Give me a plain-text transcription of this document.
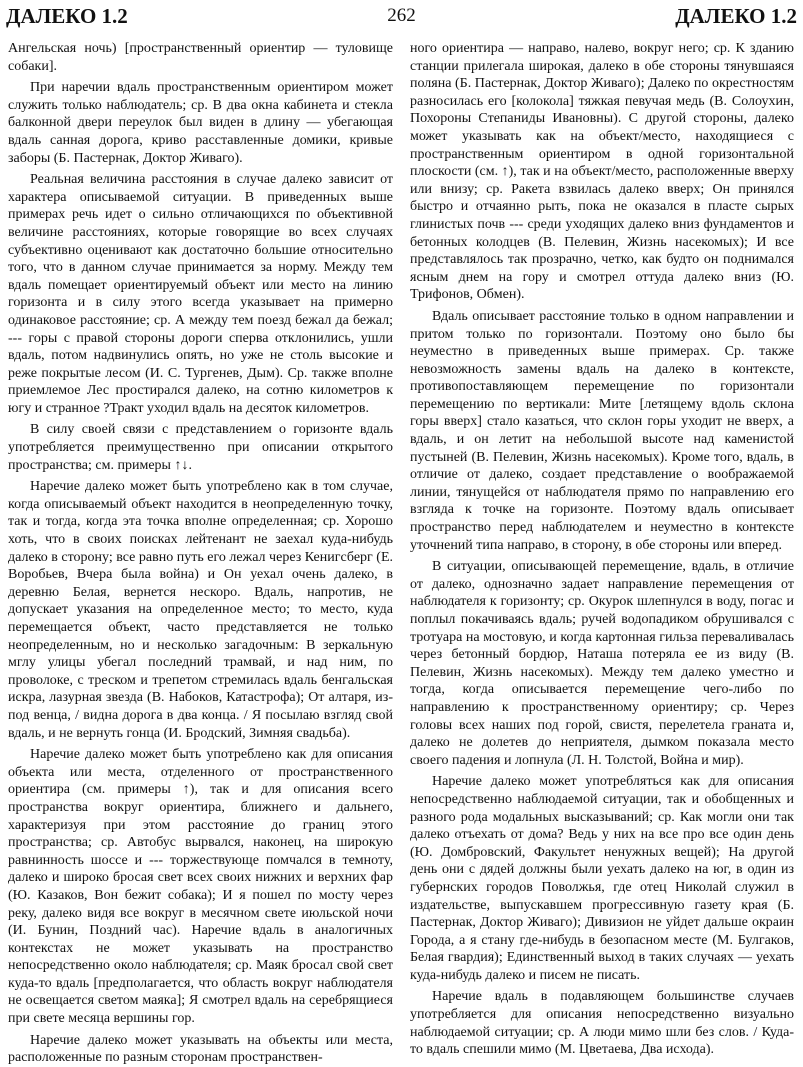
262
ДАЛЕКО 1.2	ДАЛЕКО 1.2

Ангельская ночь) [пространственный ориентир — туловище собаки].

При наречии вдаль пространственным ориентиром может служить только наблюдатель; ср. В два окна кабинета и стекла балконной двери переулок был виден в длину — убегающая вдаль санная дорога, криво расставленные домики, кривые заборы (Б. Пастернак, Доктор Живаго).

Реальная величина расстояния в случае далеко зависит от характера описываемой ситуации. В приведенных выше примерах речь идет о сильно отличающихся по объективной величине расстояниях, которые говорящие во всех случаях субъективно оценивают как достаточно большие относительно того, что в данном случае принимается за норму. Между тем вдаль помещает ориентируемый объект или место на линию горизонта и в силу этого всегда указывает на примерно одинаковое расстояние; ср. А между тем поезд бежал да бежал; --- горы с правой стороны дороги сперва отклонились, ушли вдаль, потом надвинулись опять, но уже не столь высокие и реже покрытые лесом (И. С. Тургенев, Дым). Ср. также вполне приемлемое Лес простирался далеко, на сотню километров к югу и странное ?Тракт уходил вдаль на десяток километров.

В силу своей связи с представлением о горизонте вдаль употребляется преимущественно при описании открытого пространства; см. примеры ↑↓.

Наречие далеко может быть употреблено как в том случае, когда описываемый объект находится в неопределенную точку, так и тогда, когда эта точка вполне определенная; ср. Хорошо хоть, что в своих поисках лейтенант не заехал куда-нибудь далеко в сторону; все равно путь его лежал через Кенигсберг (Е. Воробьев, Вчера была война) и Он уехал очень далеко, в деревню Белая, вернется нескоро. Вдаль, напротив, не допускает указания на определенное место; то место, куда перемещается объект, часто представляется не только неопределенным, но и несколько загадочным: В зеркальную мглу улицы убегал последний трамвай, и над ним, по проволоке, с треском и трепетом стремилась вдаль бенгальская искра, лазурная звезда (В. Набоков, Катастрофа); От алтаря, из-под венца, / видна дорога в два конца. / Я посылаю взгляд свой вдаль, и не вернуть гонца (И. Бродский, Зимняя свадьба).

Наречие далеко может быть употреблено как для описания объекта или места, отделенного от пространственного ориентира (см. примеры ↑), так и для описания всего пространства вокруг ориентира, ближнего и дальнего, характеризуя при этом расстояние до границ этого пространства; ср. Автобус вырвался, наконец, на широкую равнинность шоссе и --- торжествующе помчался в темноту, далеко и широко бросая свет всех своих нижних и верхних фар (Ю. Казаков, Вон бежит собака); И я пошел по мосту через реку, далеко видя все вокруг в месячном свете июльской ночи (И. Бунин, Поздний час). Наречие вдаль в аналогичных контекстах не может указывать на пространство непосредственно около наблюдателя; ср. Маяк бросал свой свет куда-то вдаль [предполагается, что область вокруг наблюдателя не освещается светом маяка]; Я смотрел вдаль на серебрящиеся при свете месяца вершины гор.

Наречие далеко может указывать на объекты или места, расположенные по разным сторонам пространствен-

ного ориентира — направо, налево, вокруг него; ср. К зданию станции прилегала широкая, далеко в обе стороны тянувшаяся поляна (Б. Пастернак, Доктор Живаго); Далеко по окрестностям разносилась его [колокола] тяжкая певучая медь (В. Солоухин, Похороны Степаниды Ивановны). С другой стороны, далеко может указывать как на объект/место, находящиеся с пространственным ориентиром в одной горизонтальной плоскости (см. ↑), так и на объект/место, расположенные вверху или внизу; ср. Ракета взвилась далеко вверх; Он принялся быстро и отчаянно рыть, пока не оказался в пласте сырых глинистых почв --- среди уходящих далеко вниз фундаментов и бетонных колодцев (В. Пелевин, Жизнь насекомых); И все представлялось так прозрачно, четко, как будто он поднимался ясным днем на гору и смотрел оттуда далеко вниз (Ю. Трифонов, Обмен).

Вдаль описывает расстояние только в одном направлении и притом только по горизонтали. Поэтому оно было бы неуместно в приведенных выше примерах. Ср. также невозможность замены вдаль на далеко в контексте, противопоставляющем перемещение по горизонтали перемещению по вертикали: Мите [летящему вдоль склона горы вверх] стало казаться, что склон горы уходит не вверх, а вдаль, и он летит на небольшой высоте над каменистой пустыней (В. Пелевин, Жизнь насекомых). Кроме того, вдаль, в отличие от далеко, создает представление о воображаемой линии, тянущейся от наблюдателя прямо по направлению его взгляда к точке на горизонте. Поэтому вдаль описывает пространство перед наблюдателем и неуместно в контексте уточнений типа направо, в сторону, в обе стороны или вперед.

В ситуации, описывающей перемещение, вдаль, в отличие от далеко, однозначно задает направление перемещения от наблюдателя к горизонту; ср. Окурок шлепнулся в воду, погас и поплыл покачиваясь вдаль; ручей водопадиком обрушивался с тротуара на мостовую, и когда картонная гильза переваливалась через бетонный бордюр, Наташа потеряла ее из виду (В. Пелевин, Жизнь насекомых). Между тем далеко уместно и тогда, когда описывается перемещение чего-либо по направлению к пространственному ориентиру; ср. Через головы всех наших под горой, свистя, перелетела граната и, далеко не долетев до неприятеля, дымком показала место своего падения и лопнула (Л. Н. Толстой, Война и мир).

Наречие далеко может употребляться как для описания непосредственно наблюдаемой ситуации, так и обобщенных и разного рода модальных высказываний; ср. Как могли они так далеко отъехать от дома? Ведь у них на все про все один день (Ю. Домбровский, Факультет ненужных вещей); На другой день они с дядей должны были уехать далеко на юг, в один из губернских городов Поволжья, где отец Николай служил в издательстве, выпускавшем прогрессивную газету края (Б. Пастернак, Доктор Живаго); Дивизион не уйдет дальше окраин Города, а я стану где-нибудь в безопасном месте (М. Булгаков, Белая гвардия); Единственный выход в таких случаях — уехать куда-нибудь далеко и писем не писать.

Наречие вдаль в подавляющем большинстве случаев употребляется для описания непосредственно визуально наблюдаемой ситуации; ср. А люди мимо шли без слов. / Куда-то вдаль спешили мимо (М. Цветаева, Два исхода).
